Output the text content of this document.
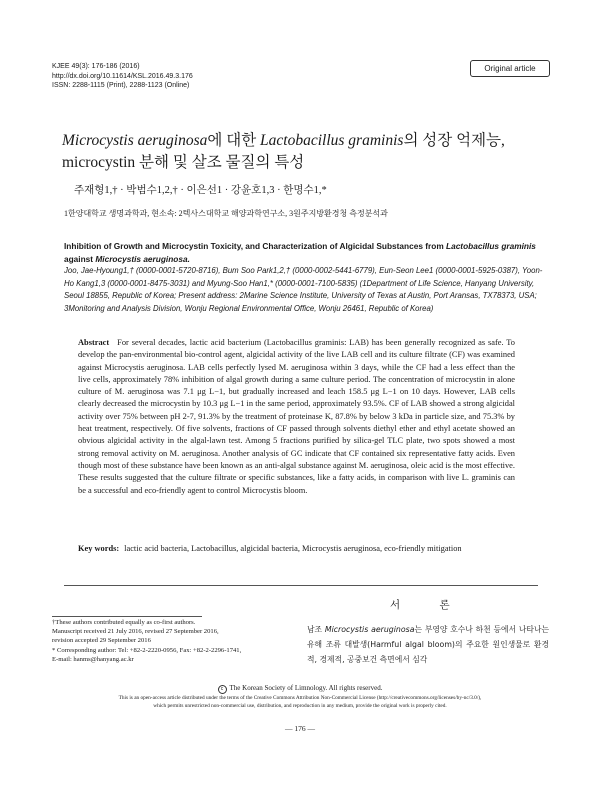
KJEE 49(3): 176-186 (2016)
http://dx.doi.org/10.11614/KSL.2016.49.3.176
ISSN: 2288-1115 (Print), 2288-1123 (Online)
Original article
Microcystis aeruginosa에 대한 Lactobacillus graminis의 성장 억제능,
microcystin 분해 및 살조 물질의 특성
주재형1,† · 박범수1,2,† · 이은선1 · 강윤호1,3 · 한명수1,*
1한양대학교 생명과학과, 현소속: 2텍사스대학교 해양과학연구소, 3원주지방환경청 측정분석과
Inhibition of Growth and Microcystin Toxicity, and Characterization of Algicidal Substances from Lactobacillus graminis against Microcystis aeruginosa.
Joo, Jae-Hyoung1,† (0000-0001-5720-8716), Bum Soo Park1,2,† (0000-0002-5441-6779), Eun-Seon Lee1 (0000-0001-5925-0387), Yoon-Ho Kang1,3 (0000-0001-8475-3031) and Myung-Soo Han1,* (0000-0001-7100-5835) (1Department of Life Science, Hanyang University, Seoul 18855, Republic of Korea; Present address: 2Marine Science Institute, University of Texas at Austin, Port Aransas, TX78373, USA; 3Monitoring and Analysis Division, Wonju Regional Environmental Office, Wonju 26461, Republic of Korea)
Abstract For several decades, lactic acid bacterium (Lactobacillus graminis: LAB) has been generally recognized as safe. To develop the pan-environmental bio-control agent, algicidal activity of the live LAB cell and its culture filtrate (CF) was examined against Microcystis aeruginosa. LAB cells perfectly lysed M. aeruginosa within 3 days, while the CF had a less effect than the live cells, approximately 78% inhibition of algal growth during a same culture period. The concentration of microcystin in alone culture of M. aeruginosa was 7.1 μg L−1, but gradually increased and leach 158.5 μg L−1 on 10 days. However, LAB cells clearly decreased the microcystin by 10.3 μg L−1 in the same period, approximately 93.5%. CF of LAB showed a strong algicidal activity over 75% between pH 2-7, 91.3% by the treatment of proteinase K, 87.8% by below 3 kDa in particle size, and 75.3% by heat treatment, respectively. Of five solvents, fractions of CF passed through solvents diethyl ether and ethyl acetate showed an obvious algicidal activity in the algal-lawn test. Among 5 fractions purified by silica-gel TLC plate, two spots showed a most strong removal activity on M. aeruginosa. Another analysis of GC indicate that CF contained six representative fatty acids. Even though most of these substance have been known as an anti-algal substance against M. aeruginosa, oleic acid is the most effective. These results suggested that the culture filtrate or specific substances, like a fatty acids, in comparison with live L. graminis can be a successful and eco-friendly agent to control Microcystis bloom.
Key words: lactic acid bacteria, Lactobacillus, algicidal bacteria, Microcystis aeruginosa, eco-friendly mitigation
서 론

†These authors contributed equally as co-first authors.

Manuscript received 21 July 2016, revised 27 September 2016,

revision accepted 29 September 2016

* Corresponding author: Tel: +82-2-2220-0956, Fax: +82-2-2296-1741,

E-mail: hanms@hanyang.ac.kr

남조 Microcystis aeruginosa는 부영양 호수나 하천 등에서 나타나는 유해 조류 대발생(Harmful algal bloom)의 주요한 원인생물로 환경적, 경제적, 공중보건 측면에서 심각
c The Korean Society of Limnology. All rights reserved.
This is an open-access article distributed under the terms of the Creative Commons Attribution Non-Commercial License (http://creativecommons.org/licenses/by-nc/3.0/),
which permits unrestricted non-commercial use, distribution, and reproduction in any medium, provide the original work is properly cited.
— 176 —
